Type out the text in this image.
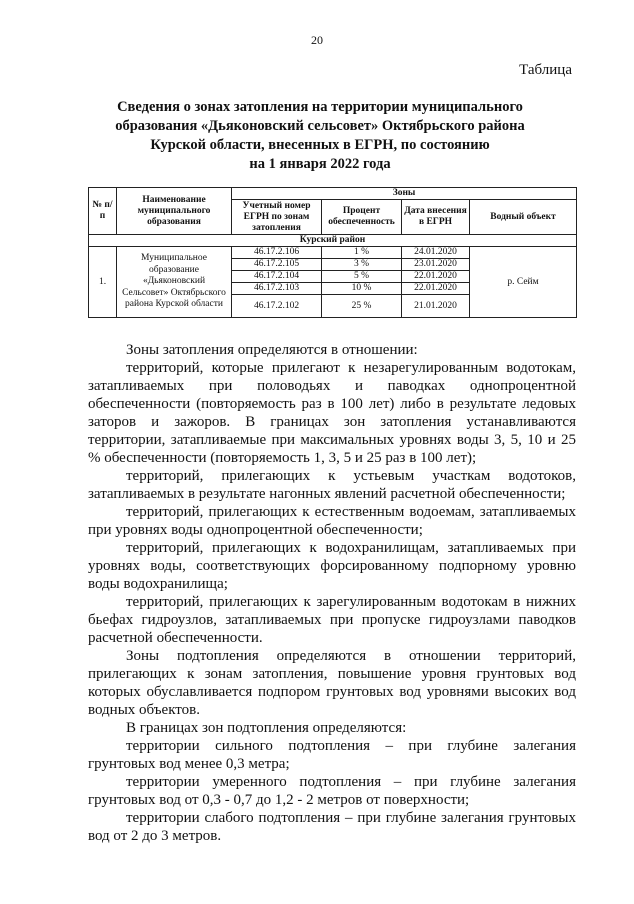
20
Таблица
Сведения о зонах затопления на территории муниципального
образования «Дьяконовский сельсовет» Октябрьского района
Курской области, внесенных в ЕГРН, по состоянию
на 1 января 2022 года
№ п/п	Наименование муниципального образования	Зоны			
		Учетный номер ЕГРН по зонам затопления	Процент обеспеченность	Дата внесения в ЕГРН	Водный объект
Курский район					
1.	Муниципальное образование «Дьяконовский Сельсовет» Октябрьского района Курской области	46.17.2.106	1 %	24.01.2020	р. Сейм
		46.17.2.105	3 %	23.01.2020	
		46.17.2.104	5 %	22.01.2020	
		46.17.2.103	10 %	22.01.2020	
		46.17.2.102	25 %	21.01.2020	

Зоны затопления определяются в отношении:

территорий, которые прилегают к незарегулированным водотокам, затапливаемых при половодьях и паводках однопроцентной обеспеченности (повторяемость раз в 100 лет) либо в результате ледовых заторов и зажоров. В границах зон затопления устанавливаются территории, затапливаемые при максимальных уровнях воды 3, 5, 10 и 25 % обеспеченности (повторяемость 1, 3, 5 и 25 раз в 100 лет);

территорий, прилегающих к устьевым участкам водотоков, затапливаемых в результате нагонных явлений расчетной обеспеченности;

территорий, прилегающих к естественным водоемам, затапливаемых при уровнях воды однопроцентной обеспеченности;

территорий, прилегающих к водохранилищам, затапливаемых при уровнях воды, соответствующих форсированному подпорному уровню воды водохранилища;

территорий, прилегающих к зарегулированным водотокам в нижних бьефах гидроузлов, затапливаемых при пропуске гидроузлами паводков расчетной обеспеченности.

Зоны подтопления определяются в отношении территорий, прилегающих к зонам затопления, повышение уровня грунтовых вод которых обуславливается подпором грунтовых вод уровнями высоких вод водных объектов.

В границах зон подтопления определяются:

территории сильного подтопления – при глубине залегания грунтовых вод менее 0,3 метра;

территории умеренного подтопления – при глубине залегания грунтовых вод от 0,3 - 0,7 до 1,2 - 2 метров от поверхности;

территории слабого подтопления – при глубине залегания грунтовых вод от 2 до 3 метров.
